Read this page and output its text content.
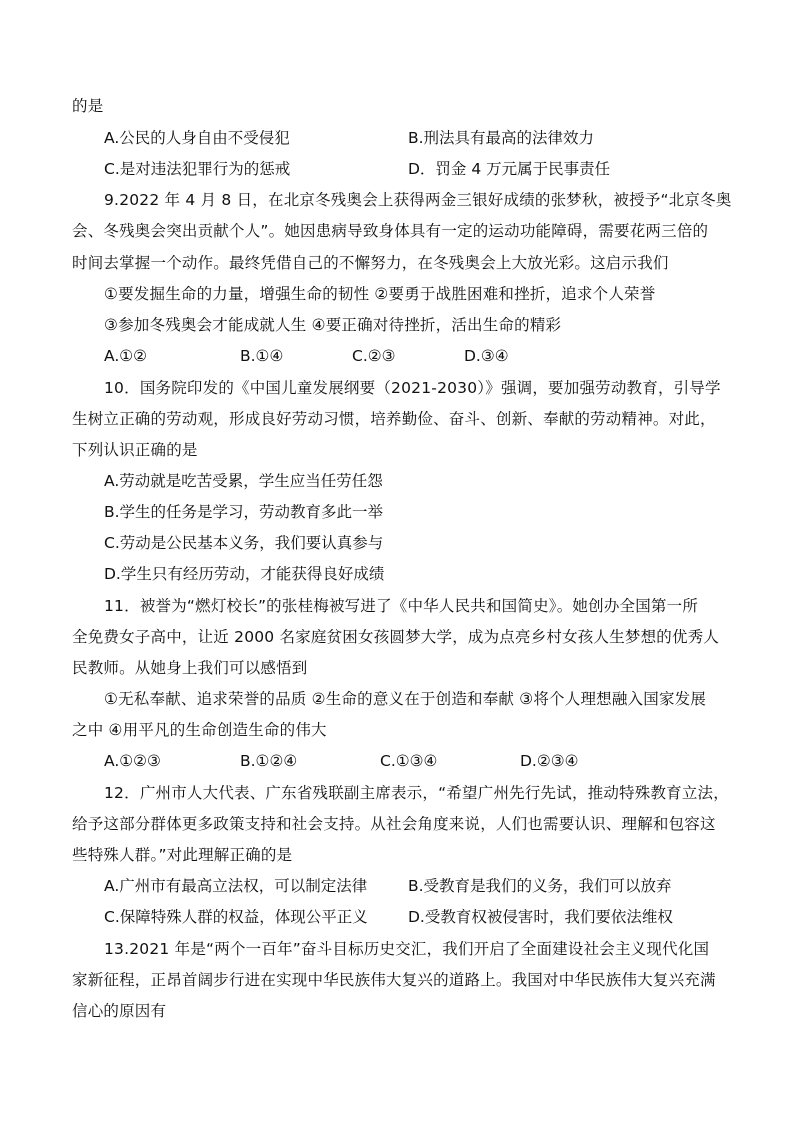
的是
A.公民的人身自由不受侵犯	B.刑法具有最高的法律效力
C.是对违法犯罪行为的惩戒	D．罚金 4 万元属于民事责任
9.2022 年 4 月 8 日，在北京冬残奥会上获得两金三银好成绩的张梦秋，被授予“北京冬奥
会、冬残奥会突出贡献个人”。她因患病导致身体具有一定的运动功能障碍，需要花两三倍的
时间去掌握一个动作。最终凭借自己的不懈努力，在冬残奥会上大放光彩。这启示我们
①要发掘生命的力量，增强生命的韧性 ②要勇于战胜困难和挫折，追求个人荣誉
③参加冬残奥会才能成就人生 ④要正确对待挫折，活出生命的精彩
A.①②	B.①④	C.②③	D.③④
10．国务院印发的《中国儿童发展纲要（2021-2030）》强调，要加强劳动教育，引导学
生树立正确的劳动观，形成良好劳动习惯，培养勤俭、奋斗、创新、奉献的劳动精神。对此，
下列认识正确的是
A.劳动就是吃苦受累，学生应当任劳任怨
B.学生的任务是学习，劳动教育多此一举
C.劳动是公民基本义务，我们要认真参与
D.学生只有经历劳动，才能获得良好成绩
11．被誉为“燃灯校长”的张桂梅被写进了《中华人民共和国简史》。她创办全国第一所
全免费女子高中，让近 2000 名家庭贫困女孩圆梦大学，成为点亮乡村女孩人生梦想的优秀人
民教师。从她身上我们可以感悟到
①无私奉献、追求荣誉的品质 ②生命的意义在于创造和奉献 ③将个人理想融入国家发展
之中 ④用平凡的生命创造生命的伟大
A.①②③	B.①②④	C.①③④	D.②③④
12．广州市人大代表、广东省残联副主席表示，“希望广州先行先试，推动特殊教育立法，
给予这部分群体更多政策支持和社会支持。从社会角度来说，人们也需要认识、理解和包容这
些特殊人群。”对此理解正确的是
A.广州市有最高立法权，可以制定法律	B.受教育是我们的义务，我们可以放弃
C.保障特殊人群的权益，体现公平正义	D.受教育权被侵害时，我们要依法维权
13.2021 年是“两个一百年”奋斗目标历史交汇，我们开启了全面建设社会主义现代化国
家新征程，正昂首阔步行进在实现中华民族伟大复兴的道路上。我国对中华民族伟大复兴充满
信心的原因有
